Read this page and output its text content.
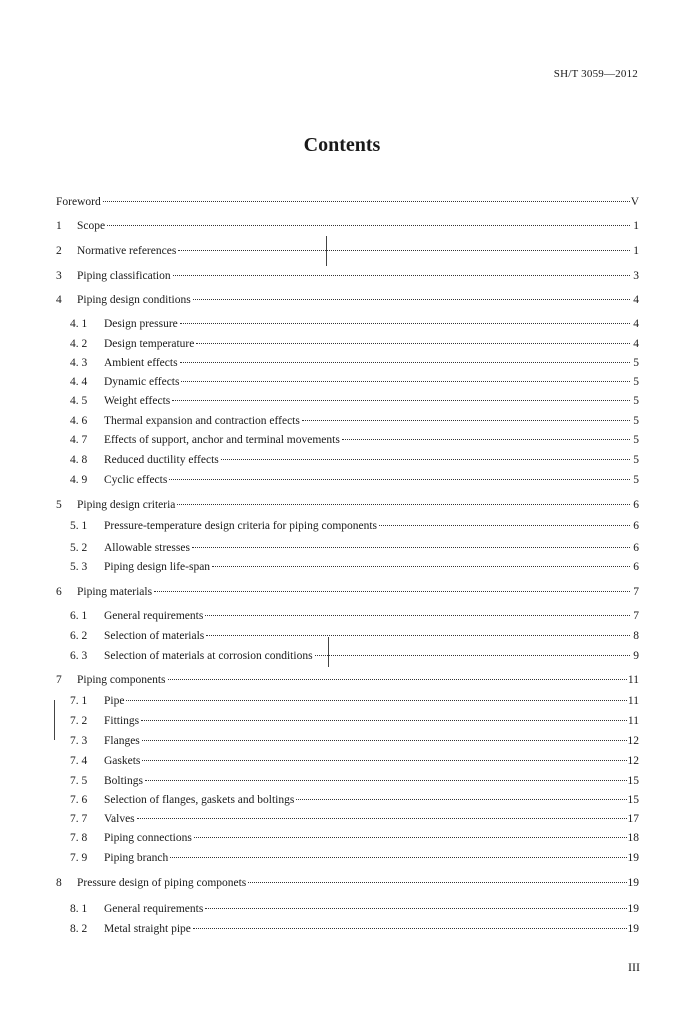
SH/T 3059—2012
Contents
Foreword	V
1	Scope	1
2	Normative references	1
3	Piping classification	3
4	Piping design conditions	4
4. 1	Design pressure	4
4. 2	Design temperature	4
4. 3	Ambient effects	5
4. 4	Dynamic effects	5
4. 5	Weight effects	5
4. 6	Thermal expansion and contraction effects	5
4. 7	Effects of support, anchor and terminal movements	5
4. 8	Reduced ductility effects	5
4. 9	Cyclic effects	5
5	Piping design criteria	6
5. 1	Pressure-temperature design criteria for piping components	6
5. 2	Allowable stresses	6
5. 3	Piping design life-span	6
6	Piping materials	7
6. 1	General requirements	7
6. 2	Selection of materials	8
6. 3	Selection of materials at corrosion conditions	9
7	Piping components	11
7. 1	Pipe	11
7. 2	Fittings	11
7. 3	Flanges	12
7. 4	Gaskets	12
7. 5	Boltings	15
7. 6	Selection of flanges, gaskets and boltings	15
7. 7	Valves	17
7. 8	Piping connections	18
7. 9	Piping branch	19
8	Pressure design of piping componets	19
8. 1	General requirements	19
8. 2	Metal straight pipe	19
III
